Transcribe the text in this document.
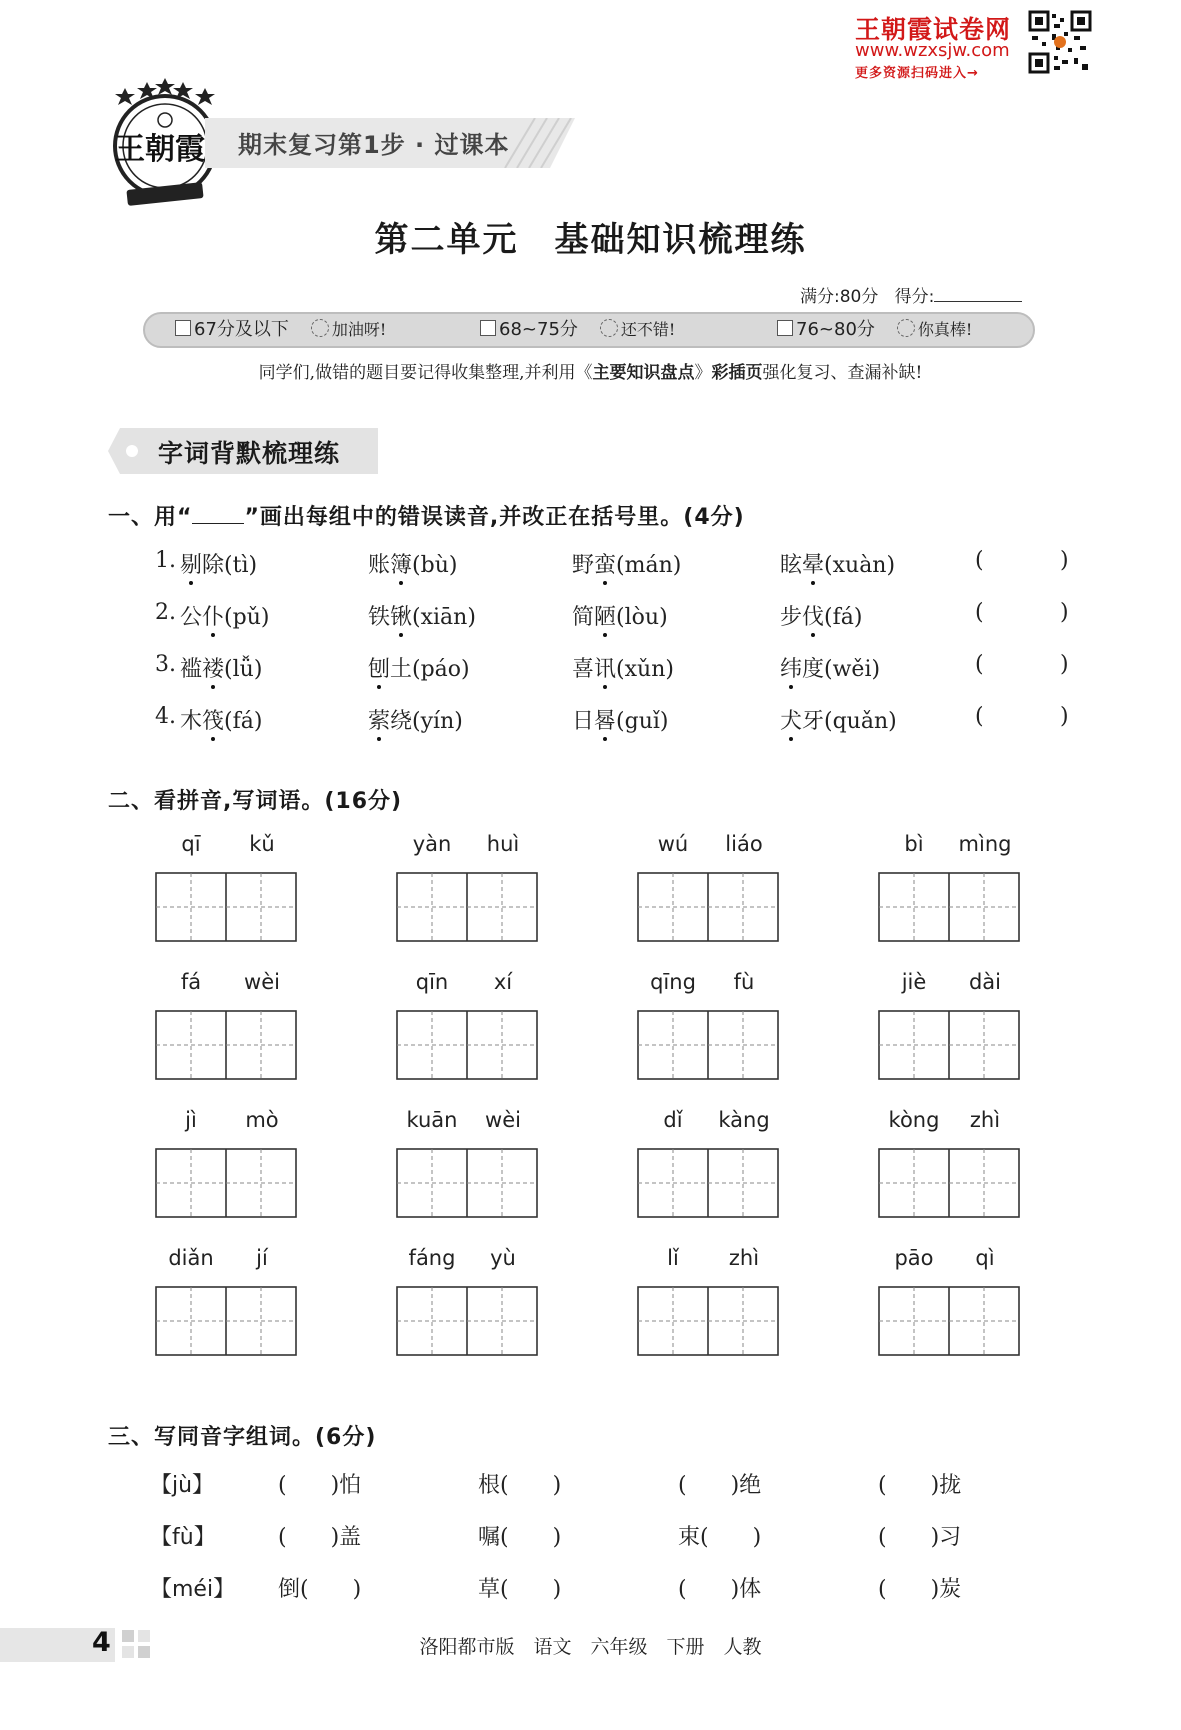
王朝霞试卷网
www.wzxsjw.com
更多资源扫码进入→
王朝霞 期末复习第1步 · 过课本
第二单元　基础知识梳理练
满分:80分 得分:
67分及以下	加油呀!	68~75分	还不错!	76~80分	你真棒!
同学们,做错的题目要记得收集整理,并利用《主要知识盘点》彩插页强化复习、查漏补缺!
字词背默梳理练
一、用“ ”画出每组中的错误读音,并改正在括号里。(4分)
1. 剔除(tì)	账簿(bù)	野蛮(mán)	眩晕(xuàn)	(	)
2. 公仆(pǔ)	铁锹(xiān)	简陋(lòu)	步伐(fá)	(	)
3. 褴褛(lǚ)	刨土(páo)	喜讯(xǔn)	纬度(wěi)	(	)
4. 木筏(fá)	萦绕(yín)	日晷(guǐ)	犬牙(quǎn)	(	)
二、看拼音,写词语。(16分)
qī	kǔ	yàn	huì	wú	liáo	bì	mìng
fá	wèi	qīn	xí	qīng	fù	jiè	dài
jì	mò	kuān	wèi	dǐ	kàng	kòng	zhì
diǎn	jí	fáng	yù	lǐ	zhì	pāo	qì
三、写同音字组词。(6分)
【jù】	(　　)怕	根(　　)	(　　)绝	(　　)拢
【fù】	(　　)盖	嘱(　　)	束(　　)	(　　)习
【méi】 倒(　　)	草(　　)	(　　)体	(　　)炭
4	洛阳都市版　语文　六年级　下册　人教
